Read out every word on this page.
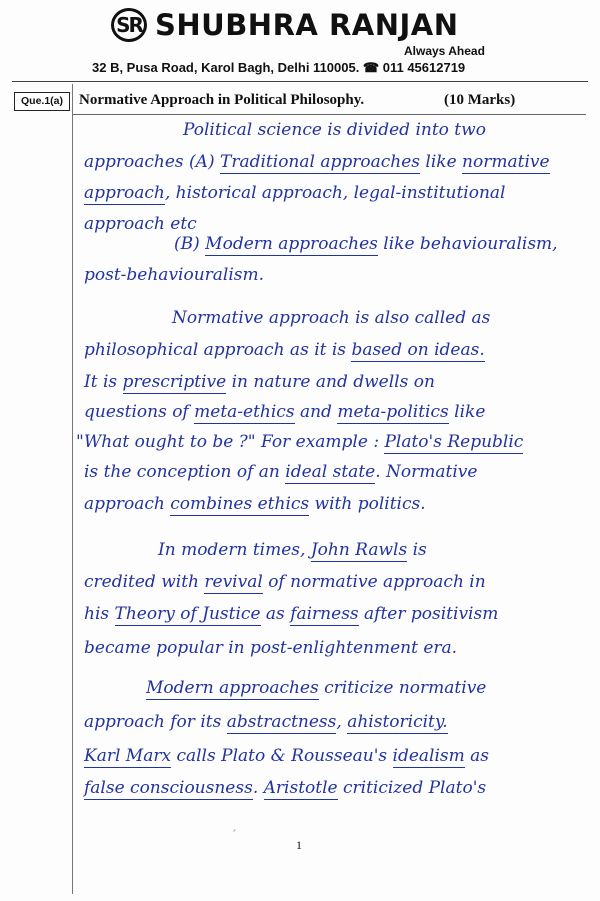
SR SHUBHRA RANJAN
Always Ahead
32 B, Pusa Road, Karol Bagh, Delhi 110005. ☎ 011 45612719
Que.1(a)	Normative Approach in Political Philosophy.	(10 Marks)
Political science is divided into two
approaches (A) Traditional approaches like normative
approach, historical approach, legal-institutional
approach etc
(B) Modern approaches like behaviouralism,
post-behaviouralism.
Normative approach is also called as
philosophical approach as it is based on ideas.
It is prescriptive in nature and dwells on
questions of meta-ethics and meta-politics like
"What ought to be ?" For example : Plato's Republic
is the conception of an ideal state. Normative
approach combines ethics with politics.
In modern times, John Rawls is
credited with revival of normative approach in
his Theory of Justice as fairness after positivism
became popular in post-enlightenment era.
Modern approaches criticize normative
approach for its abstractness, ahistoricity.
Karl Marx calls Plato & Rousseau's idealism as
false consciousness. Aristotle criticized Plato's
′
1
